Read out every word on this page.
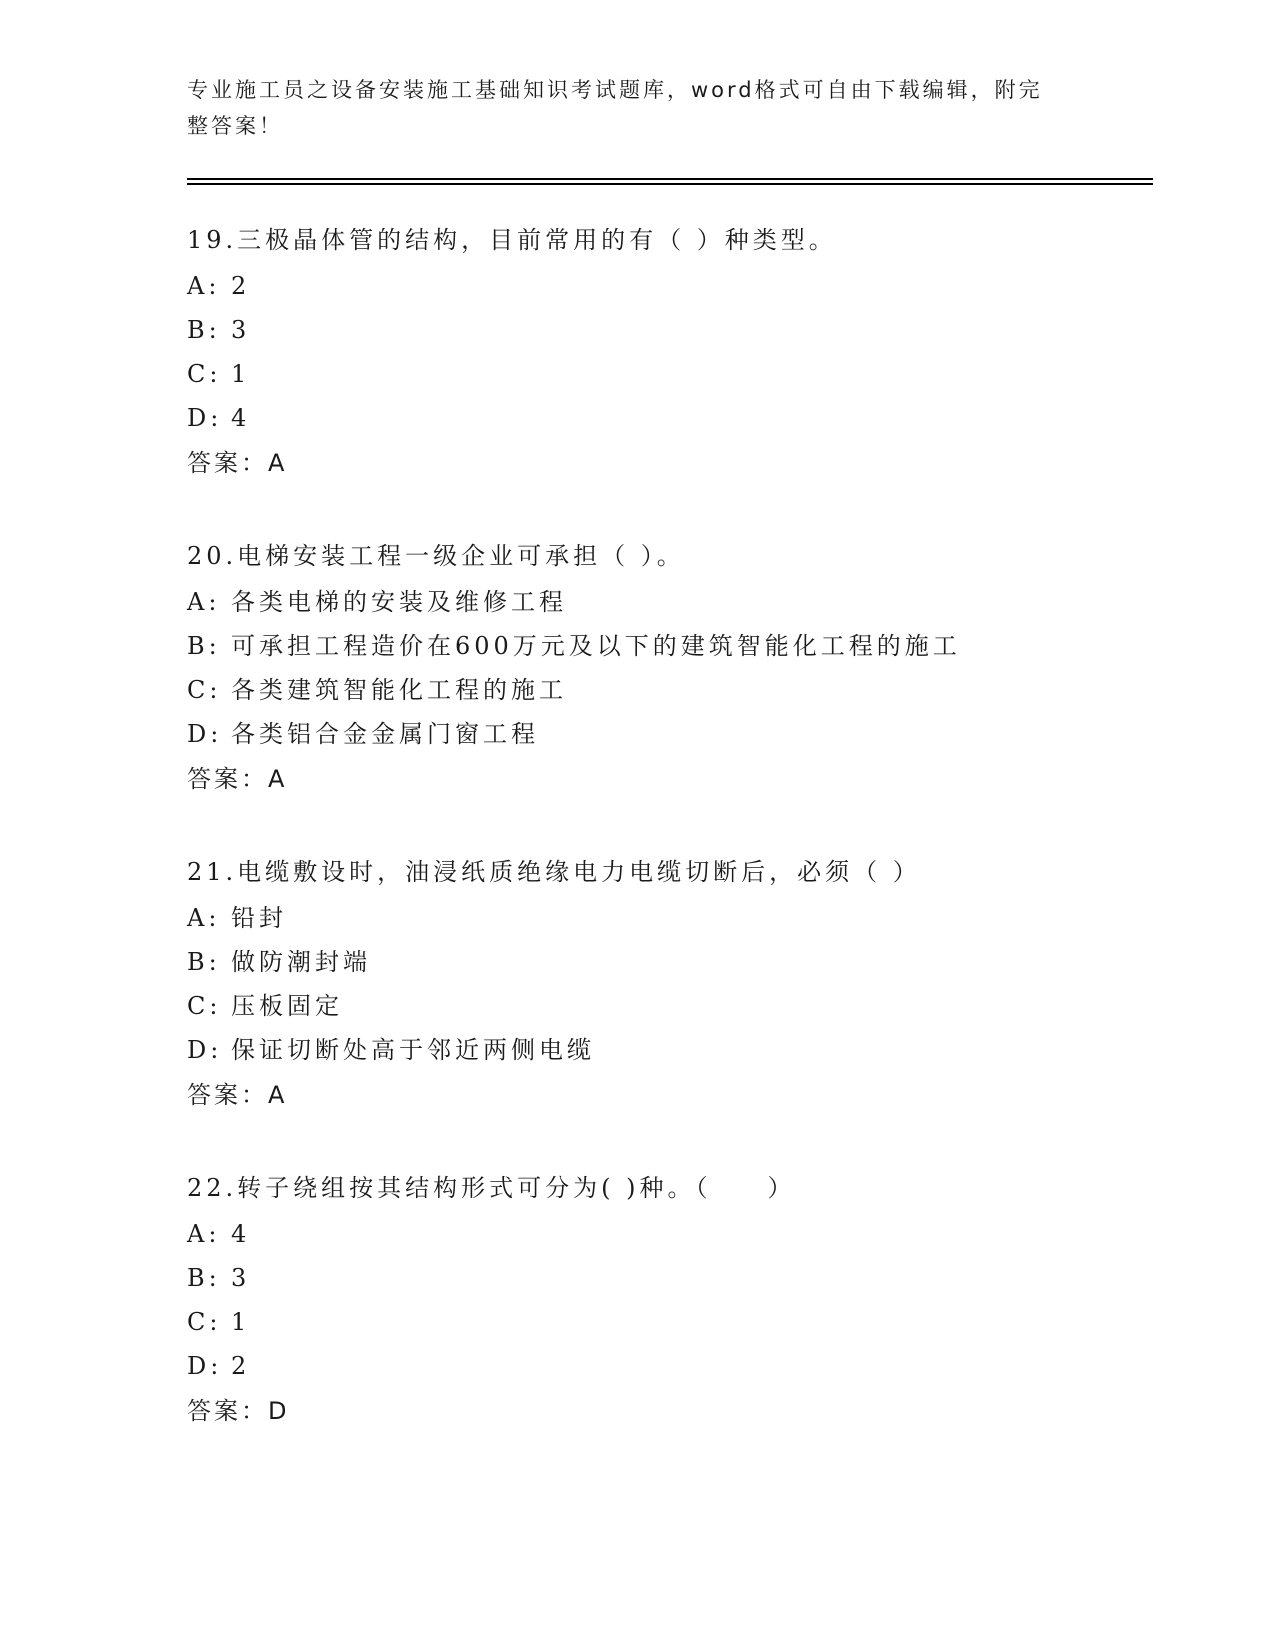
专业施工员之设备安装施工基础知识考试题库，word格式可自由下载编辑，附完
整答案！
19.三极晶体管的结构，目前常用的有（ ）种类型。
A: 2
B: 3
C: 1
D: 4
答案：A
20.电梯安装工程一级企业可承担（ ）。
A: 各类电梯的安装及维修工程
B: 可承担工程造价在600万元及以下的建筑智能化工程的施工
C: 各类建筑智能化工程的施工
D: 各类铝合金金属门窗工程
答案：A
21.电缆敷设时，油浸纸质绝缘电力电缆切断后，必须（ ）
A: 铅封
B: 做防潮封端
C: 压板固定
D: 保证切断处高于邻近两侧电缆
答案：A
22.转子绕组按其结构形式可分为( )种。（　　）
A: 4
B: 3
C: 1
D: 2
答案：D
